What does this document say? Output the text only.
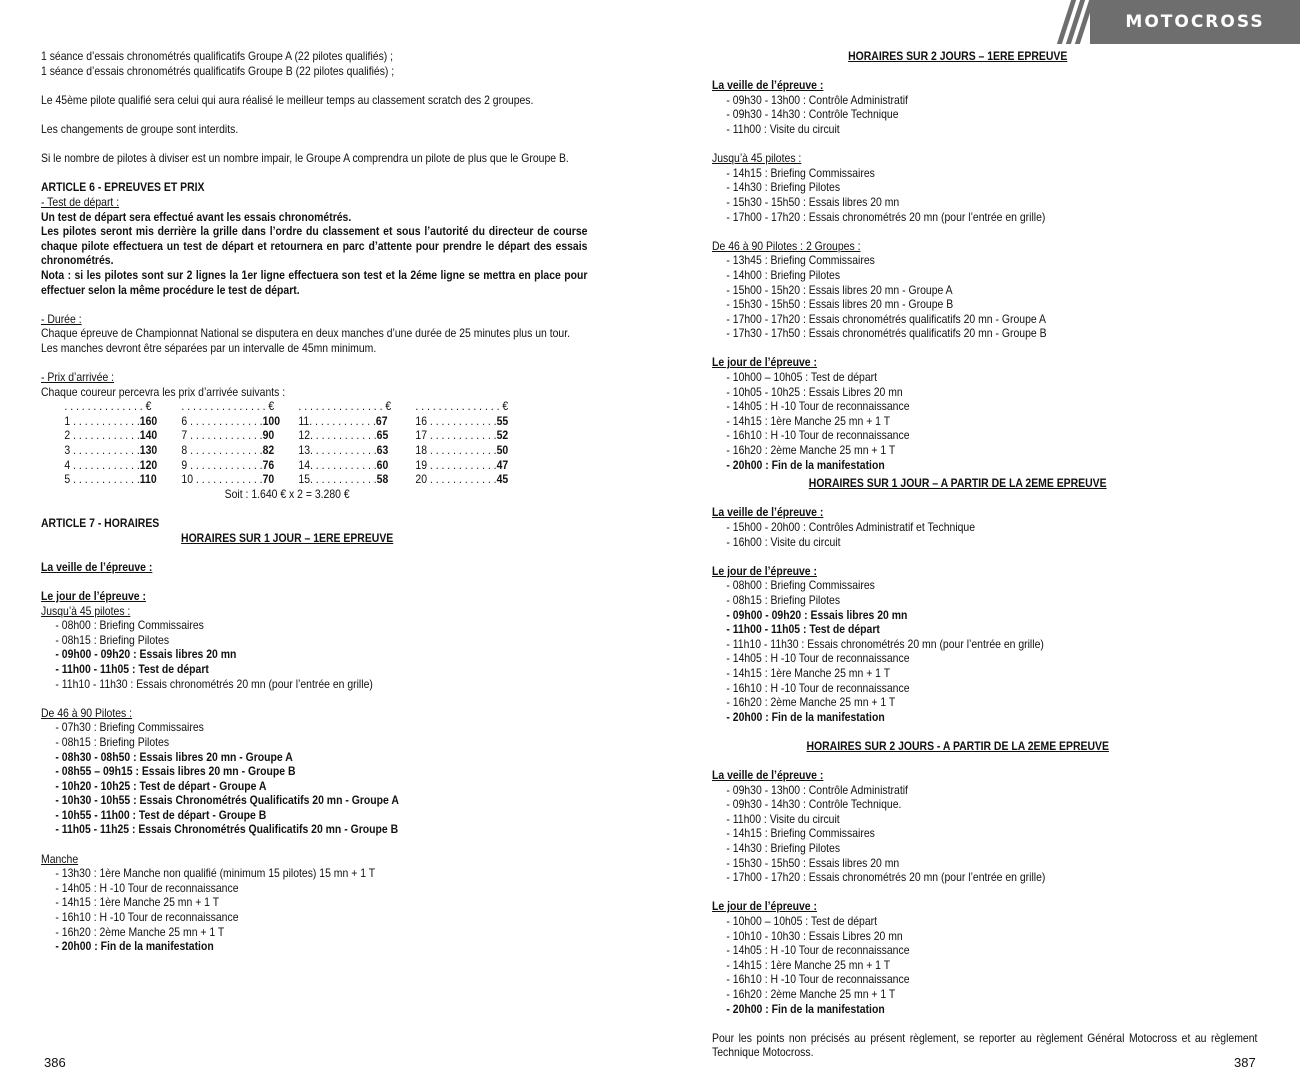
MOTOCROSS

1 séance d’essais chronométrés qualificatifs Groupe A (22 pilotes qualifiés) ;

1 séance d’essais chronométrés qualificatifs Groupe B (22 pilotes qualifiés) ;

Le 45ème pilote qualifié sera celui qui aura réalisé le meilleur temps au classement scratch des 2 groupes.

Les changements de groupe sont interdits.

Si le nombre de pilotes à diviser est un nombre impair, le Groupe A comprendra un pilote de plus que le Groupe B.

ARTICLE 6 - EPREUVES ET PRIX

- Test de départ :

Un test de départ sera effectué avant les essais chronométrés.
Les pilotes seront mis derrière la grille dans l’ordre du classement et sous l’autorité du directeur de course chaque pilote effectuera un test de départ et retournera en parc d’attente pour prendre le départ des essais chronométrés.
Nota : si les pilotes sont sur 2 lignes la 1er ligne effectuera son test et la 2éme ligne se mettra en place pour effectuer selon la même procédure le test de départ.

- Durée :

Chaque épreuve de Championnat National se disputera en deux manches d’une durée de 25 minutes plus un tour.
Les manches devront être séparées par un intervalle de 45mn minimum.

- Prix d’arrivée :

Chaque coureur percevra les prix d’arrivée suivants :

. . . . . . . . . . . . . . €	. . . . . . . . . . . . . . . €	. . . . . . . . . . . . . . . €	. . . . . . . . . . . . . . . €
1 . . . . . . . . . . . .160	6 . . . . . . . . . . . . .100	11. . . . . . . . . . . .67	16 . . . . . . . . . . . .55
2 . . . . . . . . . . . .140	7 . . . . . . . . . . . . .90	12. . . . . . . . . . . .65	17 . . . . . . . . . . . .52
3 . . . . . . . . . . . .130	8 . . . . . . . . . . . . .82	13. . . . . . . . . . . .63	18 . . . . . . . . . . . .50
4 . . . . . . . . . . . .120	9 . . . . . . . . . . . . .76	14. . . . . . . . . . . .60	19 . . . . . . . . . . . .47
5 . . . . . . . . . . . .110	10 . . . . . . . . . . . .70	15. . . . . . . . . . . .58	20 . . . . . . . . . . . .45

Soit : 1.640 € x 2 = 3.280 €

ARTICLE 7 - HORAIRES

HORAIRES SUR 1 JOUR – 1ERE EPREUVE

La veille de l’épreuve :

Le jour de l’épreuve :

Jusqu’à 45 pilotes :

- 08h00 : Briefing Commissaires

- 08h15 : Briefing Pilotes

- 09h00 - 09h20 : Essais libres 20 mn

- 11h00 - 11h05 : Test de départ

- 11h10 - 11h30 : Essais chronométrés 20 mn (pour l’entrée en grille)

De 46 à 90 Pilotes :

- 07h30 : Briefing Commissaires

- 08h15 : Briefing Pilotes

- 08h30 - 08h50 : Essais libres 20 mn - Groupe A

- 08h55 – 09h15 : Essais libres 20 mn - Groupe B

- 10h20 - 10h25 : Test de départ - Groupe A

- 10h30 - 10h55 : Essais Chronométrés Qualificatifs 20 mn - Groupe A

- 10h55 - 11h00 : Test de départ - Groupe B

- 11h05 - 11h25 : Essais Chronométrés Qualificatifs 20 mn - Groupe B

Manche

- 13h30 : 1ère Manche non qualifié (minimum 15 pilotes) 15 mn + 1 T

- 14h05 : H -10 Tour de reconnaissance

- 14h15 : 1ère Manche 25 mn + 1 T

- 16h10 : H -10 Tour de reconnaissance

- 16h20 : 2ème Manche 25 mn + 1 T

- 20h00 : Fin de la manifestation

386

HORAIRES SUR 2 JOURS – 1ERE EPREUVE

La veille de l’épreuve :

- 09h30 - 13h00 : Contrôle Administratif

- 09h30 - 14h30 : Contrôle Technique

- 11h00 : Visite du circuit

Jusqu’à 45 pilotes :

- 14h15 : Briefing Commissaires

- 14h30 : Briefing Pilotes

- 15h30 - 15h50 : Essais libres 20 mn

- 17h00 - 17h20 : Essais chronométrés 20 mn (pour l’entrée en grille)

De 46 à 90 Pilotes : 2 Groupes :

- 13h45 : Briefing Commissaires

- 14h00 : Briefing Pilotes

- 15h00 - 15h20 : Essais libres 20 mn - Groupe A

- 15h30 - 15h50 : Essais libres 20 mn - Groupe B

- 17h00 - 17h20 : Essais chronométrés qualificatifs 20 mn - Groupe A

- 17h30 - 17h50 : Essais chronométrés qualificatifs 20 mn - Groupe B

Le jour de l’épreuve :

- 10h00 – 10h05 : Test de départ

- 10h05 - 10h25 : Essais Libres 20 mn

- 14h05 : H -10 Tour de reconnaissance

- 14h15 : 1ère Manche 25 mn + 1 T

- 16h10 : H -10 Tour de reconnaissance

- 16h20 : 2ème Manche 25 mn + 1 T

- 20h00 : Fin de la manifestation

HORAIRES SUR 1 JOUR – A PARTIR DE LA 2EME EPREUVE

La veille de l’épreuve :

- 15h00 - 20h00 : Contrôles Administratif et Technique

- 16h00 : Visite du circuit

Le jour de l’épreuve :

- 08h00 : Briefing Commissaires

- 08h15 : Briefing Pilotes

- 09h00 - 09h20 : Essais libres 20 mn

- 11h00 - 11h05 : Test de départ

- 11h10 - 11h30 : Essais chronométrés 20 mn (pour l’entrée en grille)

- 14h05 : H -10 Tour de reconnaissance

- 14h15 : 1ère Manche 25 mn + 1 T

- 16h10 : H -10 Tour de reconnaissance

- 16h20 : 2ème Manche 25 mn + 1 T

- 20h00 : Fin de la manifestation

HORAIRES SUR 2 JOURS - A PARTIR DE LA 2EME EPREUVE

La veille de l’épreuve :

- 09h30 - 13h00 : Contrôle Administratif

- 09h30 - 14h30 : Contrôle Technique.

- 11h00 : Visite du circuit

- 14h15 : Briefing Commissaires

- 14h30 : Briefing Pilotes

- 15h30 - 15h50 : Essais libres 20 mn

- 17h00 - 17h20 : Essais chronométrés 20 mn (pour l’entrée en grille)

Le jour de l’épreuve :

- 10h00 – 10h05 : Test de départ

- 10h10 - 10h30 : Essais Libres 20 mn

- 14h05 : H -10 Tour de reconnaissance

- 14h15 : 1ère Manche 25 mn + 1 T

- 16h10 : H -10 Tour de reconnaissance

- 16h20 : 2ème Manche 25 mn + 1 T

- 20h00 : Fin de la manifestation

Pour les points non précisés au présent règlement, se reporter au règlement Général Motocross et au règlement Technique Motocross.

387
